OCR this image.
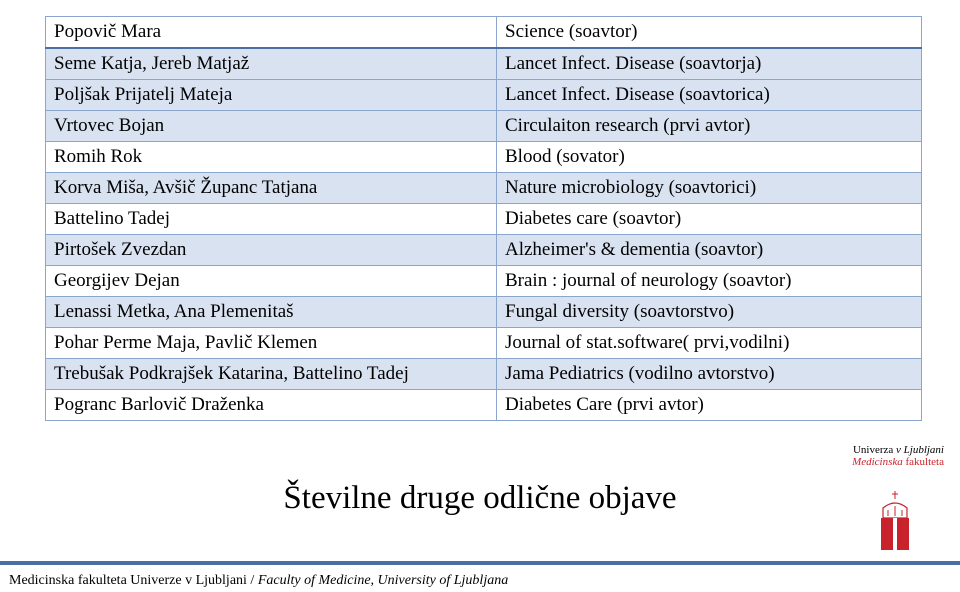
Popovič Mara	Science (soavtor)
Seme Katja, Jereb Matjaž	Lancet Infect. Disease (soavtorja)
Poljšak Prijatelj Mateja	Lancet Infect. Disease (soavtorica)
Vrtovec Bojan	Circulaiton research (prvi avtor)
Romih Rok	Blood (sovator)
Korva Miša, Avšič Županc Tatjana	Nature microbiology (soavtorici)
Battelino Tadej	Diabetes care (soavtor)
Pirtošek Zvezdan	Alzheimer's & dementia (soavtor)
Georgijev Dejan	Brain : journal of neurology (soavtor)
Lenassi Metka, Ana Plemenitaš	Fungal diversity (soavtorstvo)
Pohar Perme Maja, Pavlič Klemen	Journal of stat.software( prvi,vodilni)
Trebušak Podkrajšek Katarina, Battelino Tadej	Jama Pediatrics (vodilno avtorstvo)
Pogranc Barlovič Draženka	Diabetes Care (prvi avtor)
Univerza v Ljubljani
Medicinska fakulteta
Številne druge odlične objave
Medicinska fakulteta Univerze v Ljubljani / Faculty of Medicine, University of Ljubljana
